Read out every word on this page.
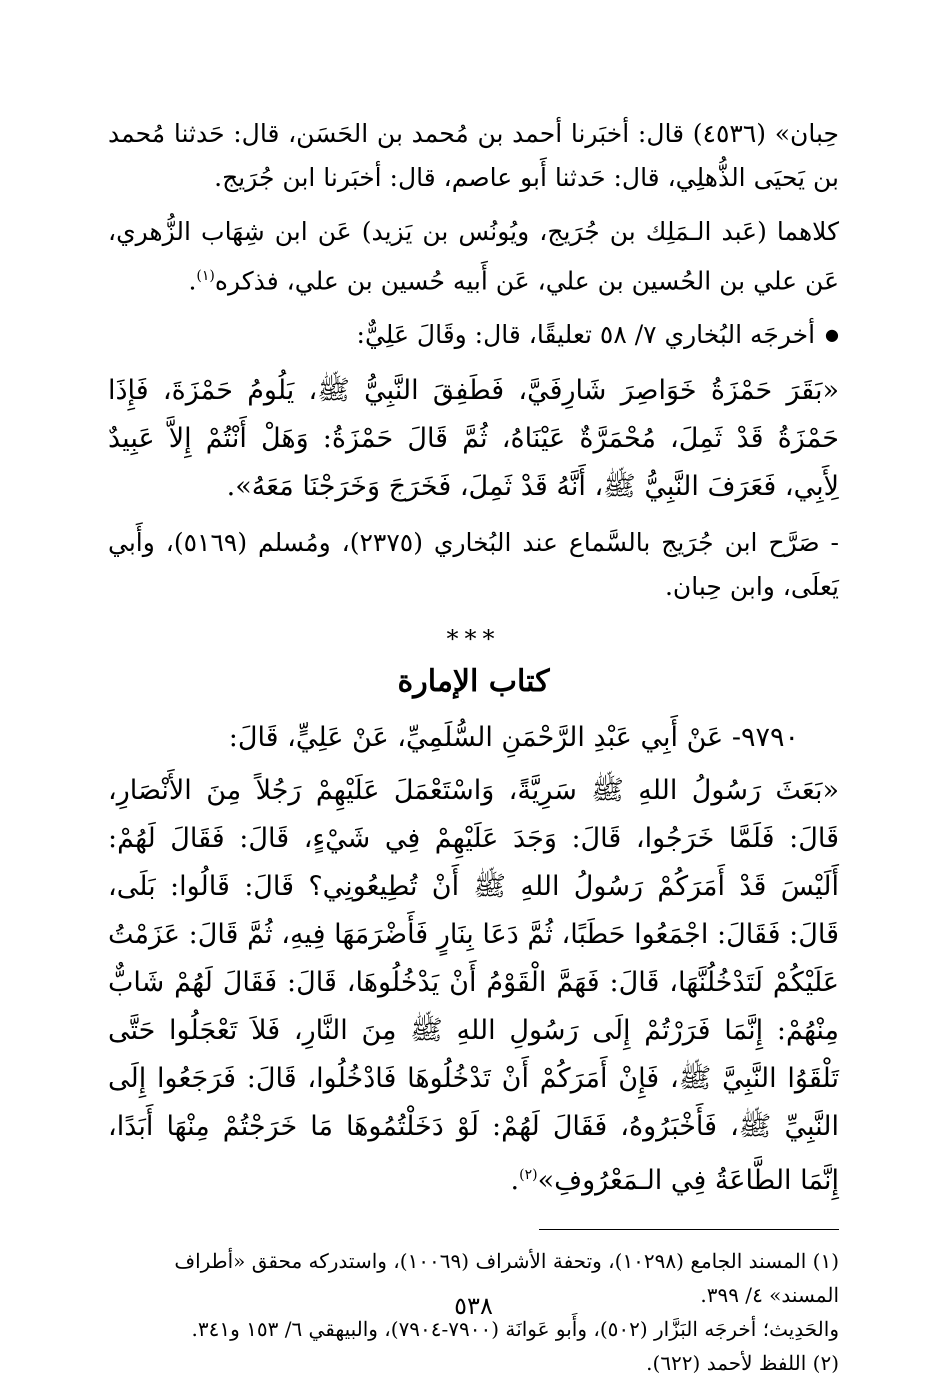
حِبان» (٤٥٣٦) قال: أخبَرنا أحمد بن مُحمد بن الحَسَن، قال: حَدثنا مُحمد بن يَحيَى الذُّهلِي، قال: حَدثنا أَبو عاصم، قال: أخبَرنا ابن جُرَيج.

كلاهما (عَبد الـمَلِك بن جُرَيج، ويُونُس بن يَزيد) عَن ابن شِهَاب الزُّهري، عَن علي بن الحُسين بن علي، عَن أَبيه حُسين بن علي، فذكره$^{(١)}$.

● أخرجَه البُخاري ٧/ ٥٨ تعليقًا، قال: وقَالَ عَلِيٌّ:

«بَقَرَ حَمْزَةُ خَوَاصِرَ شَارِفَيَّ، فَطَفِقَ النَّبِيُّ ﷺ، يَلُومُ حَمْزَةَ، فَإِذَا حَمْزَةُ قَدْ ثَمِلَ، مُحْمَرَّةٌ عَيْنَاهُ، ثُمَّ قَالَ حَمْزَةُ: وَهَلْ أَنْتُمْ إِلاَّ عَبِيدٌ لِأَبِي، فَعَرَفَ النَّبِيُّ ﷺ، أَنَّهُ قَدْ ثَمِلَ، فَخَرَجَ وَخَرَجْنَا مَعَهُ».

- صَرَّح ابن جُرَيج بالسَّماع عند البُخاري (٢٣٧٥)، ومُسلم (٥١٦٩)، وأَبي يَعلَى، وابن حِبان.

***
كتاب الإمارة

٩٧٩٠- عَنْ أَبِي عَبْدِ الرَّحْمَنِ السُّلَمِيِّ، عَنْ عَلِيٍّ، قَالَ:

«بَعَثَ رَسُولُ اللهِ ﷺ سَرِيَّةً، وَاسْتَعْمَلَ عَلَيْهِمْ رَجُلاً مِنَ الأَنْصَارِ، قَالَ: فَلَمَّا خَرَجُوا، قَالَ: وَجَدَ عَلَيْهِمْ فِي شَيْءٍ، قَالَ: فَقَالَ لَهُمْ: أَلَيْسَ قَدْ أَمَرَكُمْ رَسُولُ اللهِ ﷺ أَنْ تُطِيعُونِي؟ قَالَ: قَالُوا: بَلَى، قَالَ: فَقَالَ: اجْمَعُوا حَطَبًا، ثُمَّ دَعَا بِنَارٍ فَأَضْرَمَهَا فِيهِ، ثُمَّ قَالَ: عَزَمْتُ عَلَيْكُمْ لَتَدْخُلُنَّهَا، قَالَ: فَهَمَّ الْقَوْمُ أَنْ يَدْخُلُوهَا، قَالَ: فَقَالَ لَهُمْ شَابٌّ مِنْهُمْ: إِنَّمَا فَرَرْتُمْ إِلَى رَسُولِ اللهِ ﷺ مِنَ النَّارِ، فَلاَ تَعْجَلُوا حَتَّى تَلْقَوُا النَّبِيَّ ﷺ، فَإِنْ أَمَرَكُمْ أَنْ تَدْخُلُوهَا فَادْخُلُوا، قَالَ: فَرَجَعُوا إِلَى النَّبِيِّ ﷺ، فَأَخْبَرُوهُ، فَقَالَ لَهُمْ: لَوْ دَخَلْتُمُوهَا مَا خَرَجْتُمْ مِنْهَا أَبَدًا، إِنَّمَا الطَّاعَةُ فِي الـمَعْرُوفِ»$^{(٢)}$.

(١) المسند الجامع (١٠٢٩٨)، وتحفة الأشراف (١٠٠٦٩)، واستدركه محقق «أطراف المسند» ٤/ ٣٩٩.

والحَدِيث؛ أخرجَه البَزَّار (٥٠٢)، وأَبو عَوانَة (٧٩٠٠-٧٩٠٤)، والبيهقي ٦/ ١٥٣ و٣٤١.

(٢) اللفظ لأحمد (٦٢٢).

٥٣٨
